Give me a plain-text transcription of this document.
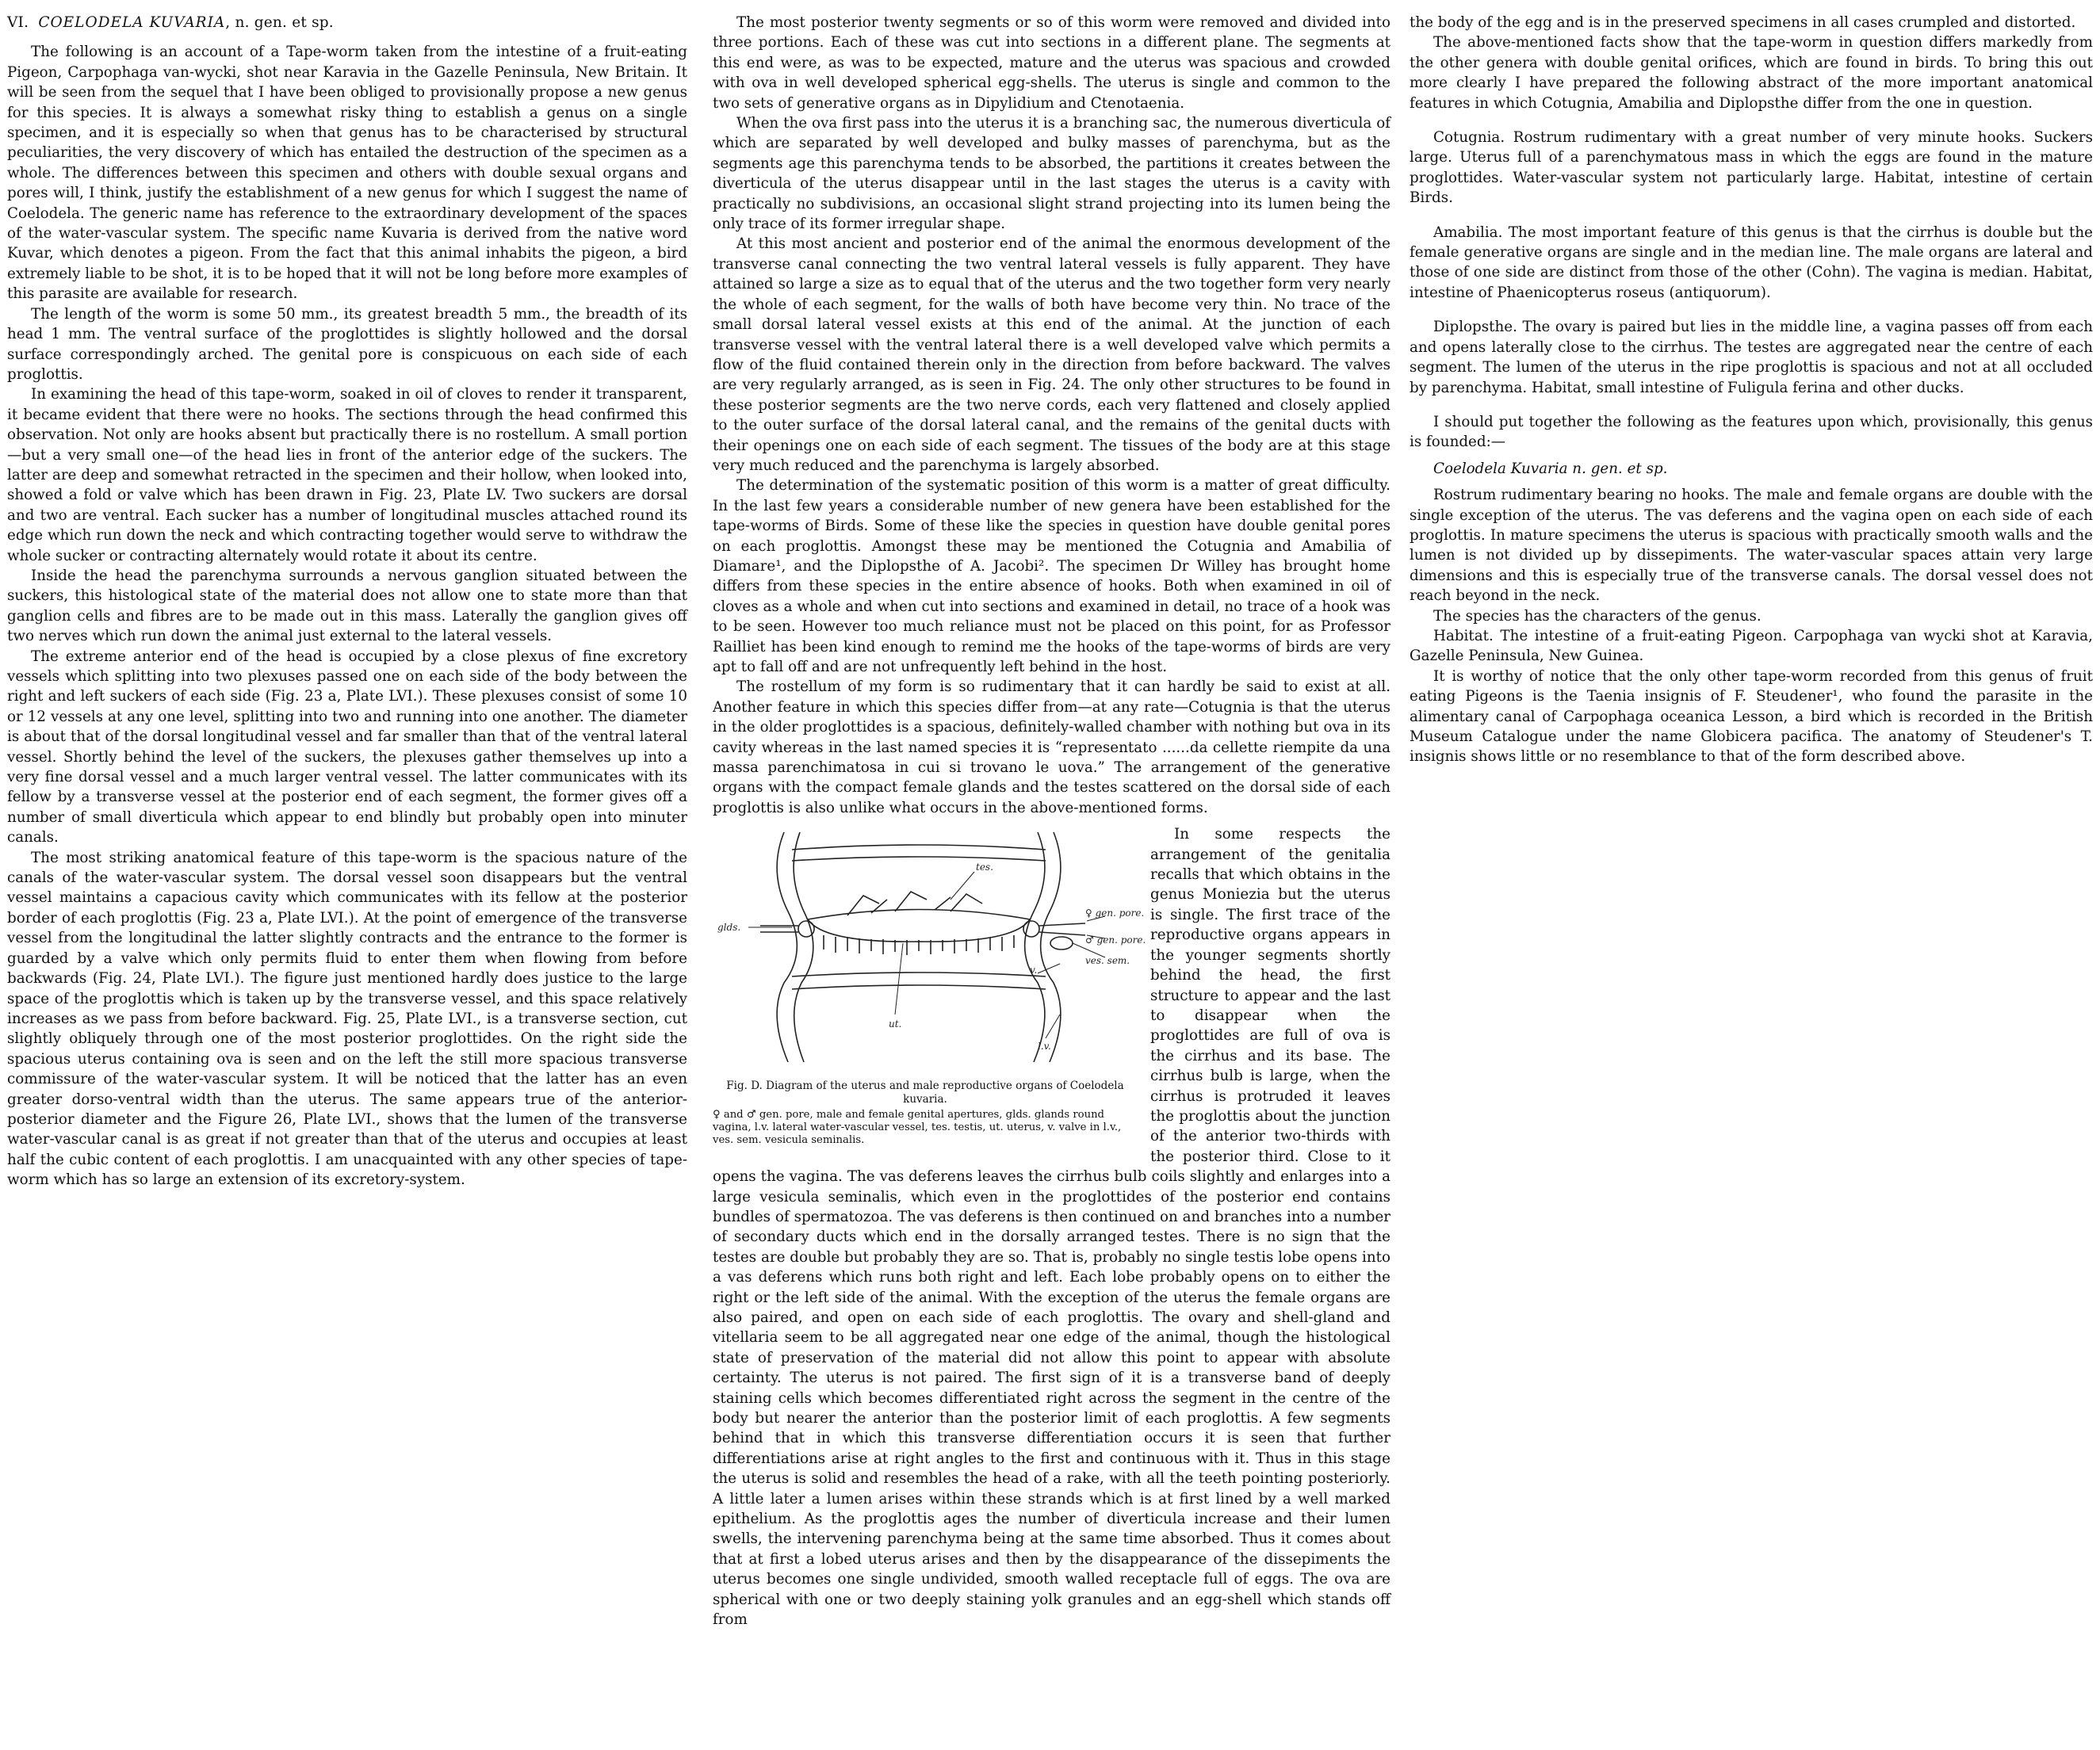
VI. COELODELA KUVARIA, n. gen. et sp.

The following is an account of a Tape-worm taken from the intestine of a fruit-eating Pigeon, Carpophaga van-wycki, shot near Karavia in the Gazelle Peninsula, New Britain. It will be seen from the sequel that I have been obliged to provisionally propose a new genus for this species. It is always a somewhat risky thing to establish a genus on a single specimen, and it is especially so when that genus has to be characterised by structural peculiarities, the very discovery of which has entailed the destruction of the specimen as a whole. The differences between this specimen and others with double sexual organs and pores will, I think, justify the establishment of a new genus for which I suggest the name of Coelodela. The generic name has reference to the extraordinary development of the spaces of the water-vascular system. The specific name Kuvaria is derived from the native word Kuvar, which denotes a pigeon. From the fact that this animal inhabits the pigeon, a bird extremely liable to be shot, it is to be hoped that it will not be long before more examples of this parasite are available for research.

The length of the worm is some 50 mm., its greatest breadth 5 mm., the breadth of its head 1 mm. The ventral surface of the proglottides is slightly hollowed and the dorsal surface correspondingly arched. The genital pore is conspicuous on each side of each proglottis.

In examining the head of this tape-worm, soaked in oil of cloves to render it transparent, it became evident that there were no hooks. The sections through the head confirmed this observation. Not only are hooks absent but practically there is no rostellum. A small portion—but a very small one—of the head lies in front of the anterior edge of the suckers. The latter are deep and somewhat retracted in the specimen and their hollow, when looked into, showed a fold or valve which has been drawn in Fig. 23, Plate LV. Two suckers are dorsal and two are ventral. Each sucker has a number of longitudinal muscles attached round its edge which run down the neck and which contracting together would serve to withdraw the whole sucker or contracting alternately would rotate it about its centre.

Inside the head the parenchyma surrounds a nervous ganglion situated between the suckers, this histological state of the material does not allow one to state more than that ganglion cells and fibres are to be made out in this mass. Laterally the ganglion gives off two nerves which run down the animal just external to the lateral vessels.

The extreme anterior end of the head is occupied by a close plexus of fine excretory vessels which splitting into two plexuses passed one on each side of the body between the right and left suckers of each side (Fig. 23 a, Plate LVI.). These plexuses consist of some 10 or 12 vessels at any one level, splitting into two and running into one another. The diameter is about that of the dorsal longitudinal vessel and far smaller than that of the ventral lateral vessel. Shortly behind the level of the suckers, the plexuses gather themselves up into a very fine dorsal vessel and a much larger ventral vessel. The latter communicates with its fellow by a transverse vessel at the posterior end of each segment, the former gives off a number of small diverticula which appear to end blindly but probably open into minuter canals.

The most striking anatomical feature of this tape-worm is the spacious nature of the canals of the water-vascular system. The dorsal vessel soon disappears but the ventral vessel maintains a capacious cavity which communicates with its fellow at the posterior border of each proglottis (Fig. 23 a, Plate LVI.). At the point of emergence of the transverse vessel from the longitudinal the latter slightly contracts and the entrance to the former is guarded by a valve which only permits fluid to enter them when flowing from before backwards (Fig. 24, Plate LVI.). The figure just mentioned hardly does justice to the large space of the proglottis which is taken up by the transverse vessel, and this space relatively increases as we pass from before backward. Fig. 25, Plate LVI., is a transverse section, cut slightly obliquely through one of the most posterior proglottides. On the right side the spacious uterus containing ova is seen and on the left the still more spacious transverse commissure of the water-vascular system. It will be noticed that the latter has an even greater dorso-ventral width than the uterus. The same appears true of the anterior-posterior diameter and the Figure 26, Plate LVI., shows that the lumen of the transverse water-vascular canal is as great if not greater than that of the uterus and occupies at least half the cubic content of each proglottis. I am unacquainted with any other species of tape-worm which has so large an extension of its excretory-system.

The most posterior twenty segments or so of this worm were removed and divided into three portions. Each of these was cut into sections in a different plane. The segments at this end were, as was to be expected, mature and the uterus was spacious and crowded with ova in well developed spherical egg-shells. The uterus is single and common to the two sets of generative organs as in Dipylidium and Ctenotaenia.

When the ova first pass into the uterus it is a branching sac, the numerous diverticula of which are separated by well developed and bulky masses of parenchyma, but as the segments age this parenchyma tends to be absorbed, the partitions it creates between the diverticula of the uterus disappear until in the last stages the uterus is a cavity with practically no subdivisions, an occasional slight strand projecting into its lumen being the only trace of its former irregular shape.

At this most ancient and posterior end of the animal the enormous development of the transverse canal connecting the two ventral lateral vessels is fully apparent. They have attained so large a size as to equal that of the uterus and the two together form very nearly the whole of each segment, for the walls of both have become very thin. No trace of the small dorsal lateral vessel exists at this end of the animal. At the junction of each transverse vessel with the ventral lateral there is a well developed valve which permits a flow of the fluid contained therein only in the direction from before backward. The valves are very regularly arranged, as is seen in Fig. 24. The only other structures to be found in these posterior segments are the two nerve cords, each very flattened and closely applied to the outer surface of the dorsal lateral canal, and the remains of the genital ducts with their openings one on each side of each segment. The tissues of the body are at this stage very much reduced and the parenchyma is largely absorbed.

The determination of the systematic position of this worm is a matter of great difficulty. In the last few years a considerable number of new genera have been established for the tape-worms of Birds. Some of these like the species in question have double genital pores on each proglottis. Amongst these may be mentioned the Cotugnia and Amabilia of Diamare¹, and the Diplopsthe of A. Jacobi². The specimen Dr Willey has brought home differs from these species in the entire absence of hooks. Both when examined in oil of cloves as a whole and when cut into sections and examined in detail, no trace of a hook was to be seen. However too much reliance must not be placed on this point, for as Professor Railliet has been kind enough to remind me the hooks of the tape-worms of birds are very apt to fall off and are not unfrequently left behind in the host.

The rostellum of my form is so rudimentary that it can hardly be said to exist at all. Another feature in which this species differ from—at any rate—Cotugnia is that the uterus in the older proglottides is a spacious, definitely-walled chamber with nothing but ova in its cavity whereas in the last named species it is “representato ......da cellette riempite da una massa parenchimatosa in cui si trovano le uova.” The arrangement of the generative organs with the compact female glands and the testes scattered on the dorsal side of each proglottis is also unlike what occurs in the above-mentioned forms.

tes.
glds.
♀ gen. pore.
♂ gen. pore.
ves. sem.
v.
ut.
l.v.
Fig. D. Diagram of the uterus and male reproductive organs of Coelodela kuvaria.
♀ and ♂ gen. pore, male and female genital apertures, glds. glands round vagina, l.v. lateral water-vascular vessel, tes. testis, ut. uterus, v. valve in l.v., ves. sem. vesicula seminalis.

In some respects the arrangement of the genitalia recalls that which obtains in the genus Moniezia but the uterus is single. The first trace of the reproductive organs appears in the younger segments shortly behind the head, the first structure to appear and the last to disappear when the proglottides are full of ova is the cirrhus and its base. The cirrhus bulb is large, when the cirrhus is protruded it leaves the proglottis about the junction of the anterior two-thirds with the posterior third. Close to it opens the vagina. The vas deferens leaves the cirrhus bulb coils slightly and enlarges into a large vesicula seminalis, which even in the proglottides of the posterior end contains bundles of spermatozoa. The vas deferens is then continued on and branches into a number of secondary ducts which end in the dorsally arranged testes. There is no sign that the testes are double but probably they are so. That is, probably no single testis lobe opens into a vas deferens which runs both right and left. Each lobe probably opens on to either the right or the left side of the animal. With the exception of the uterus the female organs are also paired, and open on each side of each proglottis. The ovary and shell-gland and vitellaria seem to be all aggregated near one edge of the animal, though the histological state of preservation of the material did not allow this point to appear with absolute certainty. The uterus is not paired. The first sign of it is a transverse band of deeply staining cells which becomes differentiated right across the segment in the centre of the body but nearer the anterior than the posterior limit of each proglottis. A few segments behind that in which this transverse differentiation occurs it is seen that further differentiations arise at right angles to the first and continuous with it. Thus in this stage the uterus is solid and resembles the head of a rake, with all the teeth pointing posteriorly. A little later a lumen arises within these strands which is at first lined by a well marked epithelium. As the proglottis ages the number of diverticula increase and their lumen swells, the intervening parenchyma being at the same time absorbed. Thus it comes about that at first a lobed uterus arises and then by the disappearance of the dissepiments the uterus becomes one single undivided, smooth walled receptacle full of eggs. The ova are spherical with one or two deeply staining yolk granules and an egg-shell which stands off from

the body of the egg and is in the preserved specimens in all cases crumpled and distorted.

The above-mentioned facts show that the tape-worm in question differs markedly from the other genera with double genital orifices, which are found in birds. To bring this out more clearly I have prepared the following abstract of the more important anatomical features in which Cotugnia, Amabilia and Diplopsthe differ from the one in question.

Cotugnia. Rostrum rudimentary with a great number of very minute hooks. Suckers large. Uterus full of a parenchymatous mass in which the eggs are found in the mature proglottides. Water-vascular system not particularly large. Habitat, intestine of certain Birds.

Amabilia. The most important feature of this genus is that the cirrhus is double but the female generative organs are single and in the median line. The male organs are lateral and those of one side are distinct from those of the other (Cohn). The vagina is median. Habitat, intestine of Phaenicopterus roseus (antiquorum).

Diplopsthe. The ovary is paired but lies in the middle line, a vagina passes off from each and opens laterally close to the cirrhus. The testes are aggregated near the centre of each segment. The lumen of the uterus in the ripe proglottis is spacious and not at all occluded by parenchyma. Habitat, small intestine of Fuligula ferina and other ducks.

I should put together the following as the features upon which, provisionally, this genus is founded:—

Coelodela Kuvaria n. gen. et sp.

Rostrum rudimentary bearing no hooks. The male and female organs are double with the single exception of the uterus. The vas deferens and the vagina open on each side of each proglottis. In mature specimens the uterus is spacious with practically smooth walls and the lumen is not divided up by dissepiments. The water-vascular spaces attain very large dimensions and this is especially true of the transverse canals. The dorsal vessel does not reach beyond in the neck.

The species has the characters of the genus.

Habitat. The intestine of a fruit-eating Pigeon. Carpophaga van wycki shot at Karavia, Gazelle Peninsula, New Guinea.

It is worthy of notice that the only other tape-worm recorded from this genus of fruit eating Pigeons is the Taenia insignis of F. Steudener¹, who found the parasite in the alimentary canal of Carpophaga oceanica Lesson, a bird which is recorded in the British Museum Catalogue under the name Globicera pacifica. The anatomy of Steudener's T. insignis shows little or no resemblance to that of the form described above.
